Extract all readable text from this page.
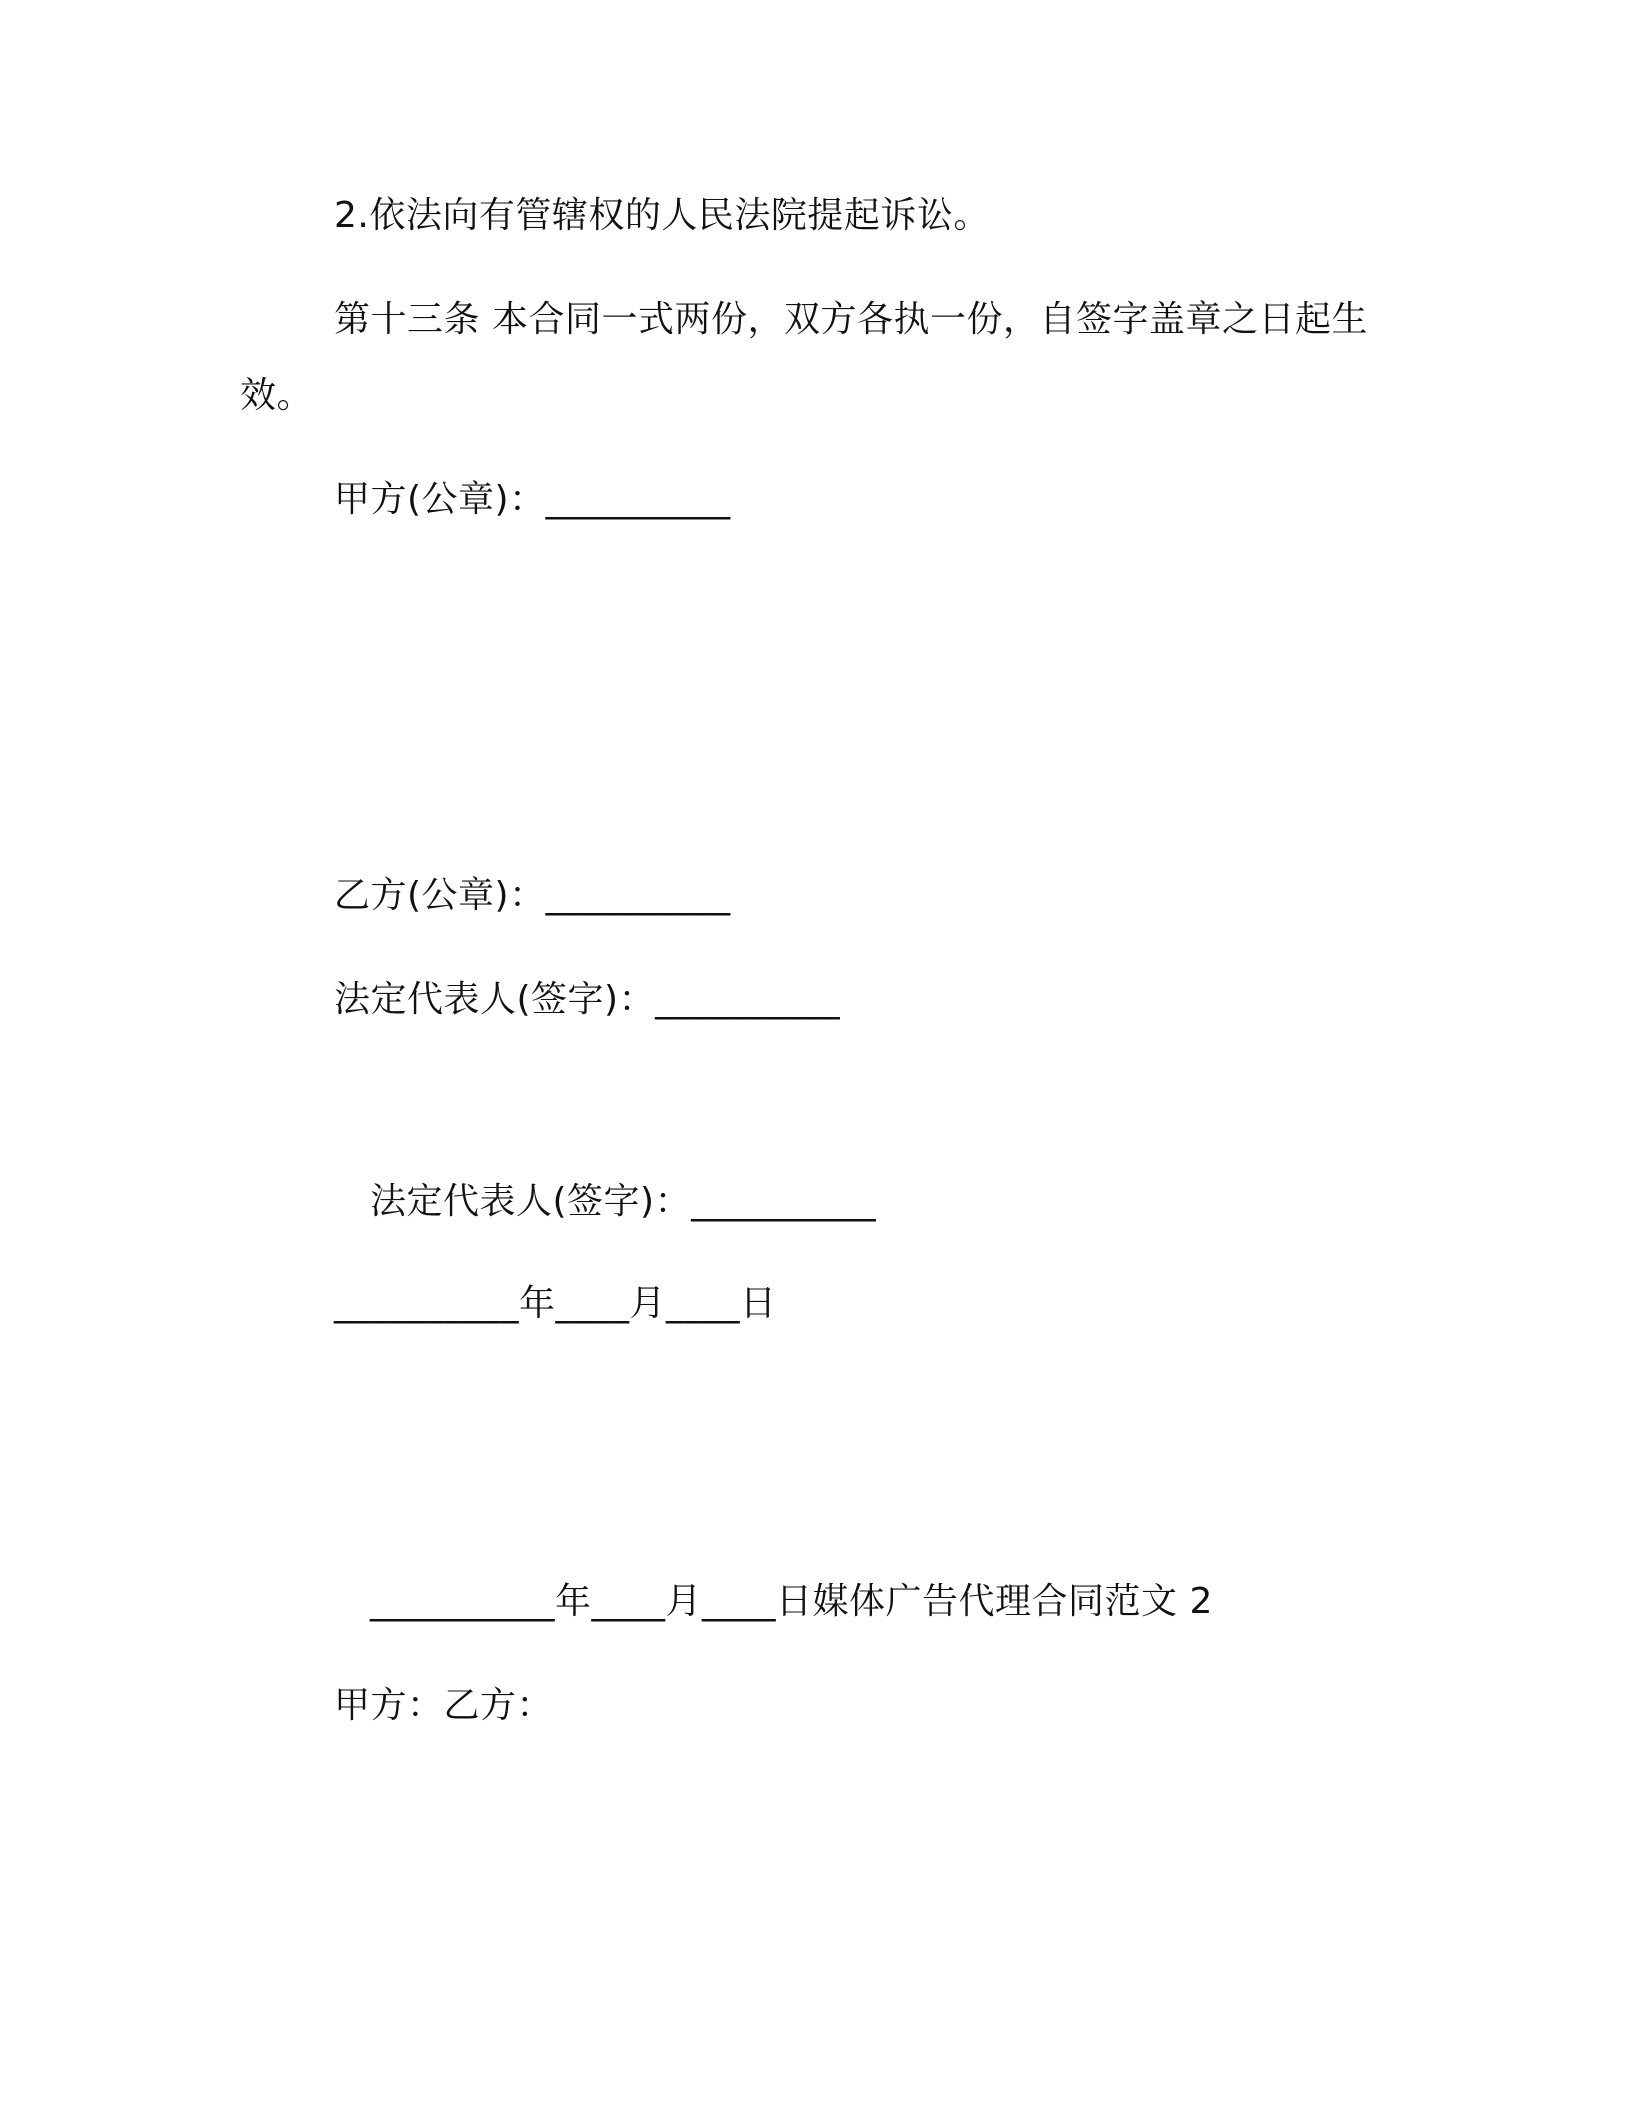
2.依法向有管辖权的人民法院提起诉讼。
第十三条 本合同一式两份，双方各执一份，自签字盖章之日起生
效。
甲方(公章)：__________
乙方(公章)：__________
法定代表人(签字)：__________
法定代表人(签字)：__________
__________年____月____日
__________年____月____日媒体广告代理合同范文 2
甲方：乙方：
